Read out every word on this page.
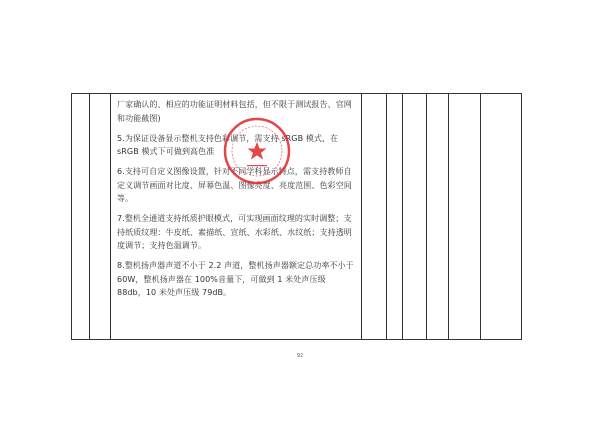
厂家确认的、相应的功能证明材料包括，但不限于测试报告、官网和功能截图)

5.为保证设备显示整机支持色彩调节，需支持 sRGB 模式，在 sRGB 模式下可做到高色准

6.支持可自定义图像设置，针对不同学科显示特点，需支持教师自定义调节画面对比度、屏幕色温、图像亮度、亮度范围、色彩空间等。

7.整机全通道支持纸质护眼模式，可实现画面纹理的实时调整；支持纸质纹理：牛皮纸、素描纸、宣纸、水彩纸、水纹纸；支持透明度调节；支持色温调节。

8.整机扬声器声道不小于 2.2 声道，整机扬声器额定总功率不小于 60W，整机扬声器在 100%音量下，可做到 1 米处声压级 88db，10 米处声压级 79dB。

92
